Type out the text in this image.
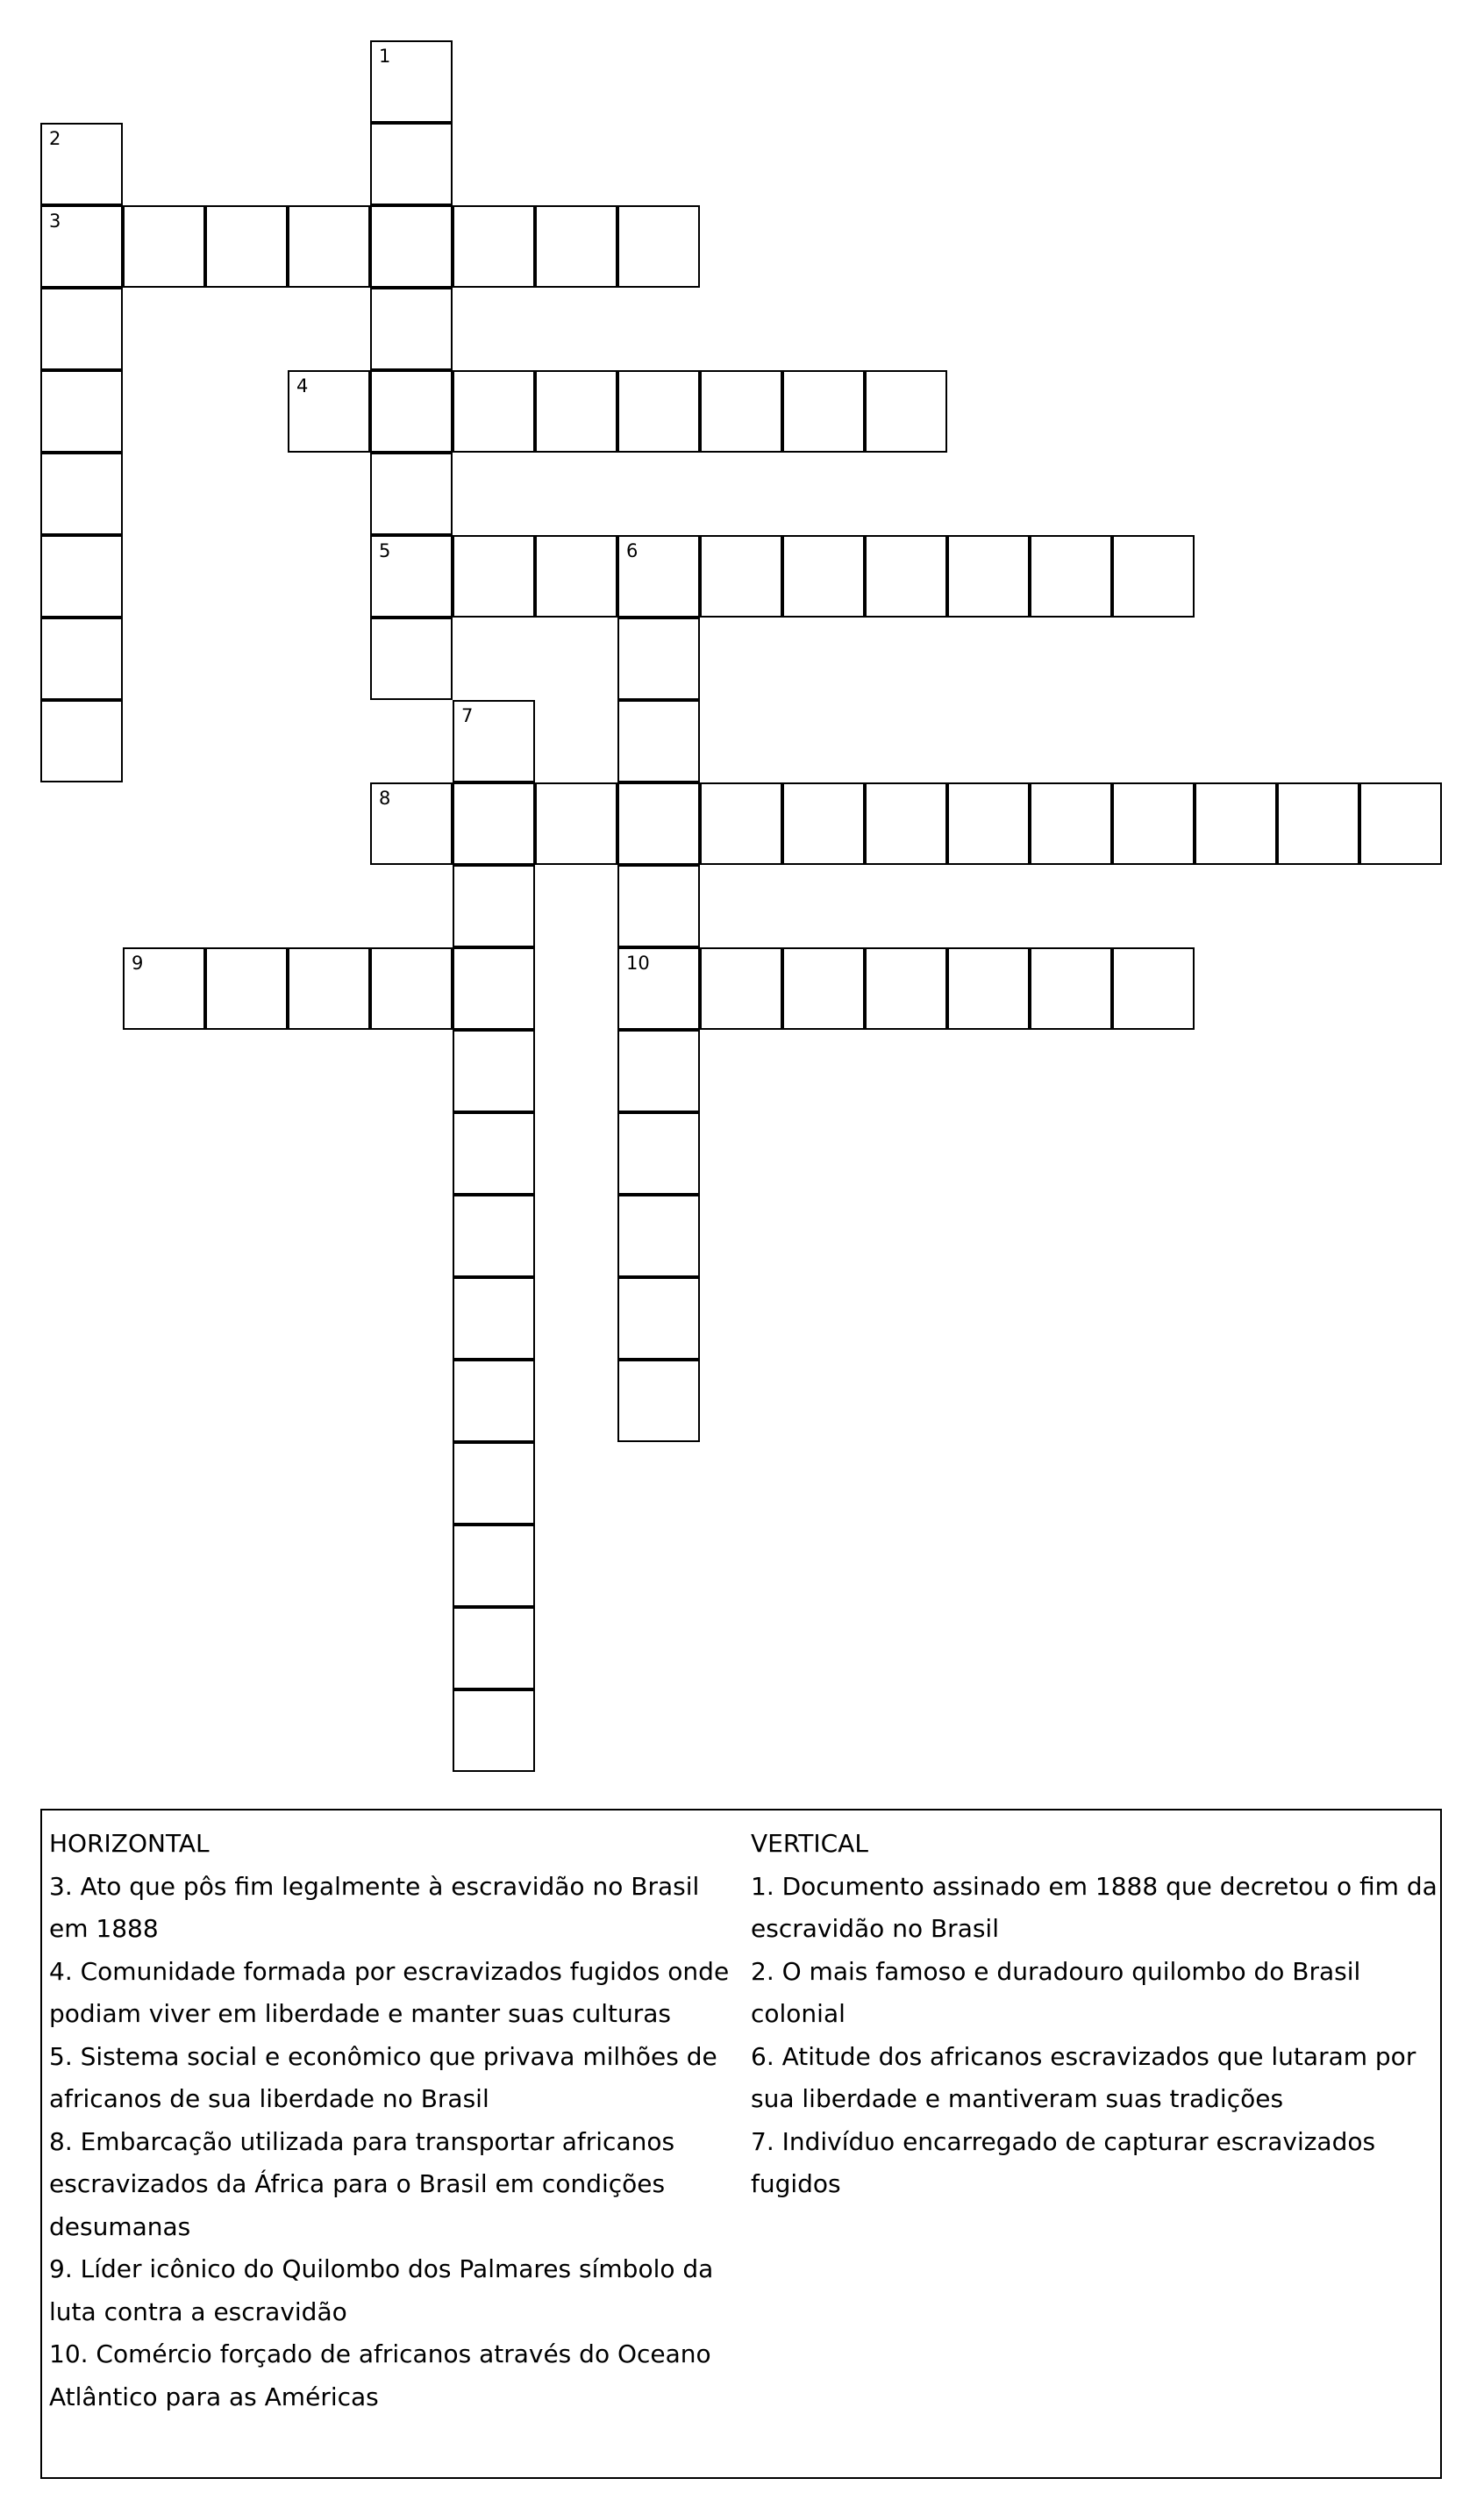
3
4
5	6
8
9	10
1
2
7
HORIZONTAL
3. Ato que pôs fim legalmente à escravidão no Brasil em 1888
4. Comunidade formada por escravizados fugidos onde podiam viver em liberdade e manter suas culturas
5. Sistema social e econômico que privava milhões de africanos de sua liberdade no Brasil
8. Embarcação utilizada para transportar africanos escravizados da África para o Brasil em condições desumanas
9. Líder icônico do Quilombo dos Palmares símbolo da luta contra a escravidão
10. Comércio forçado de africanos através do Oceano Atlântico para as Américas
VERTICAL
1. Documento assinado em 1888 que decretou o fim da escravidão no Brasil
2. O mais famoso e duradouro quilombo do Brasil colonial
6. Atitude dos africanos escravizados que lutaram por sua liberdade e mantiveram suas tradições
7. Indivíduo encarregado de capturar escravizados fugidos
